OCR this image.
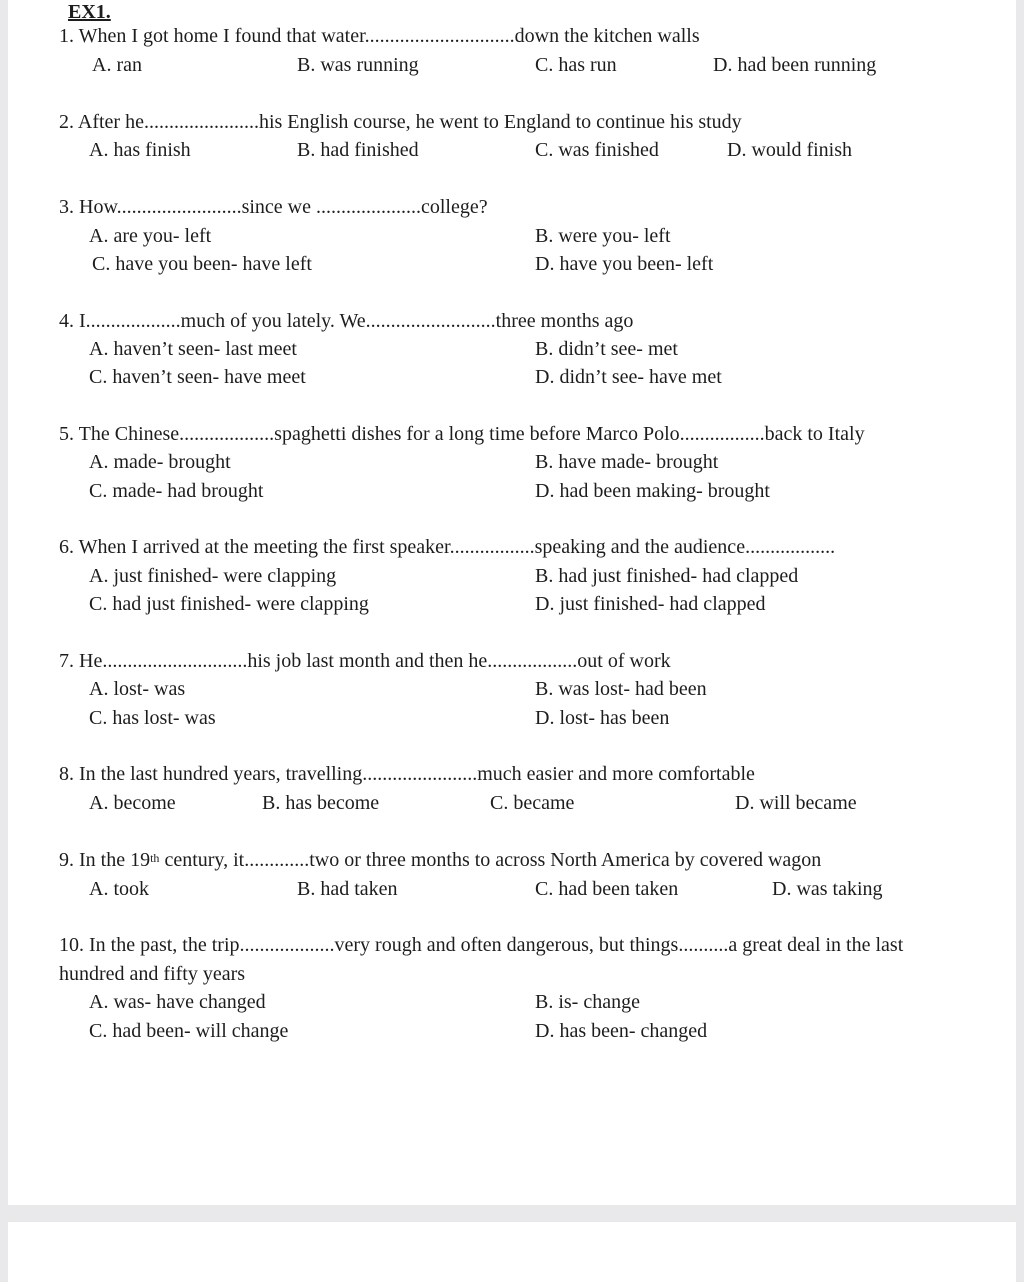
EX1.
1. When I got home I found that water..............................down the kitchen walls
A. ran	B. was running	C. has run	D. had been running
2. After he.......................his English course, he went to England to continue his study
A. has finish	B. had finished	C. was finished	D. would finish
3. How.........................since we .....................college?
A. are you- left	B. were you- left
C. have you been- have left	D. have you been- left
4. I...................much of you lately. We..........................three months ago
A. haven’t seen- last meet	B. didn’t see- met
C. haven’t seen- have meet	D. didn’t see- have met
5. The Chinese...................spaghetti dishes for a long time before Marco Polo.................back to Italy
A. made- brought	B. have made- brought
C. made- had brought	D. had been making- brought
6. When I arrived at the meeting the first speaker.................speaking and the audience..................
A. just finished- were clapping	B. had just finished- had clapped
C. had just finished- were clapping	D. just finished- had clapped
7. He.............................his job last month and then he..................out of work
A. lost- was	B. was lost- had been
C. has lost- was	D. lost- has been
8. In the last hundred years, travelling.......................much easier and more comfortable
A. become	B. has become	C. became	D. will became
9. In the 19th century, it.............two or three months to across North America by covered wagon
A. took	B. had taken	C. had been taken	D. was taking
10. In the past, the trip...................very rough and often dangerous, but things..........a great deal in the last
hundred and fifty years
A. was- have changed	B. is- change
C. had been- will change	D. has been- changed
